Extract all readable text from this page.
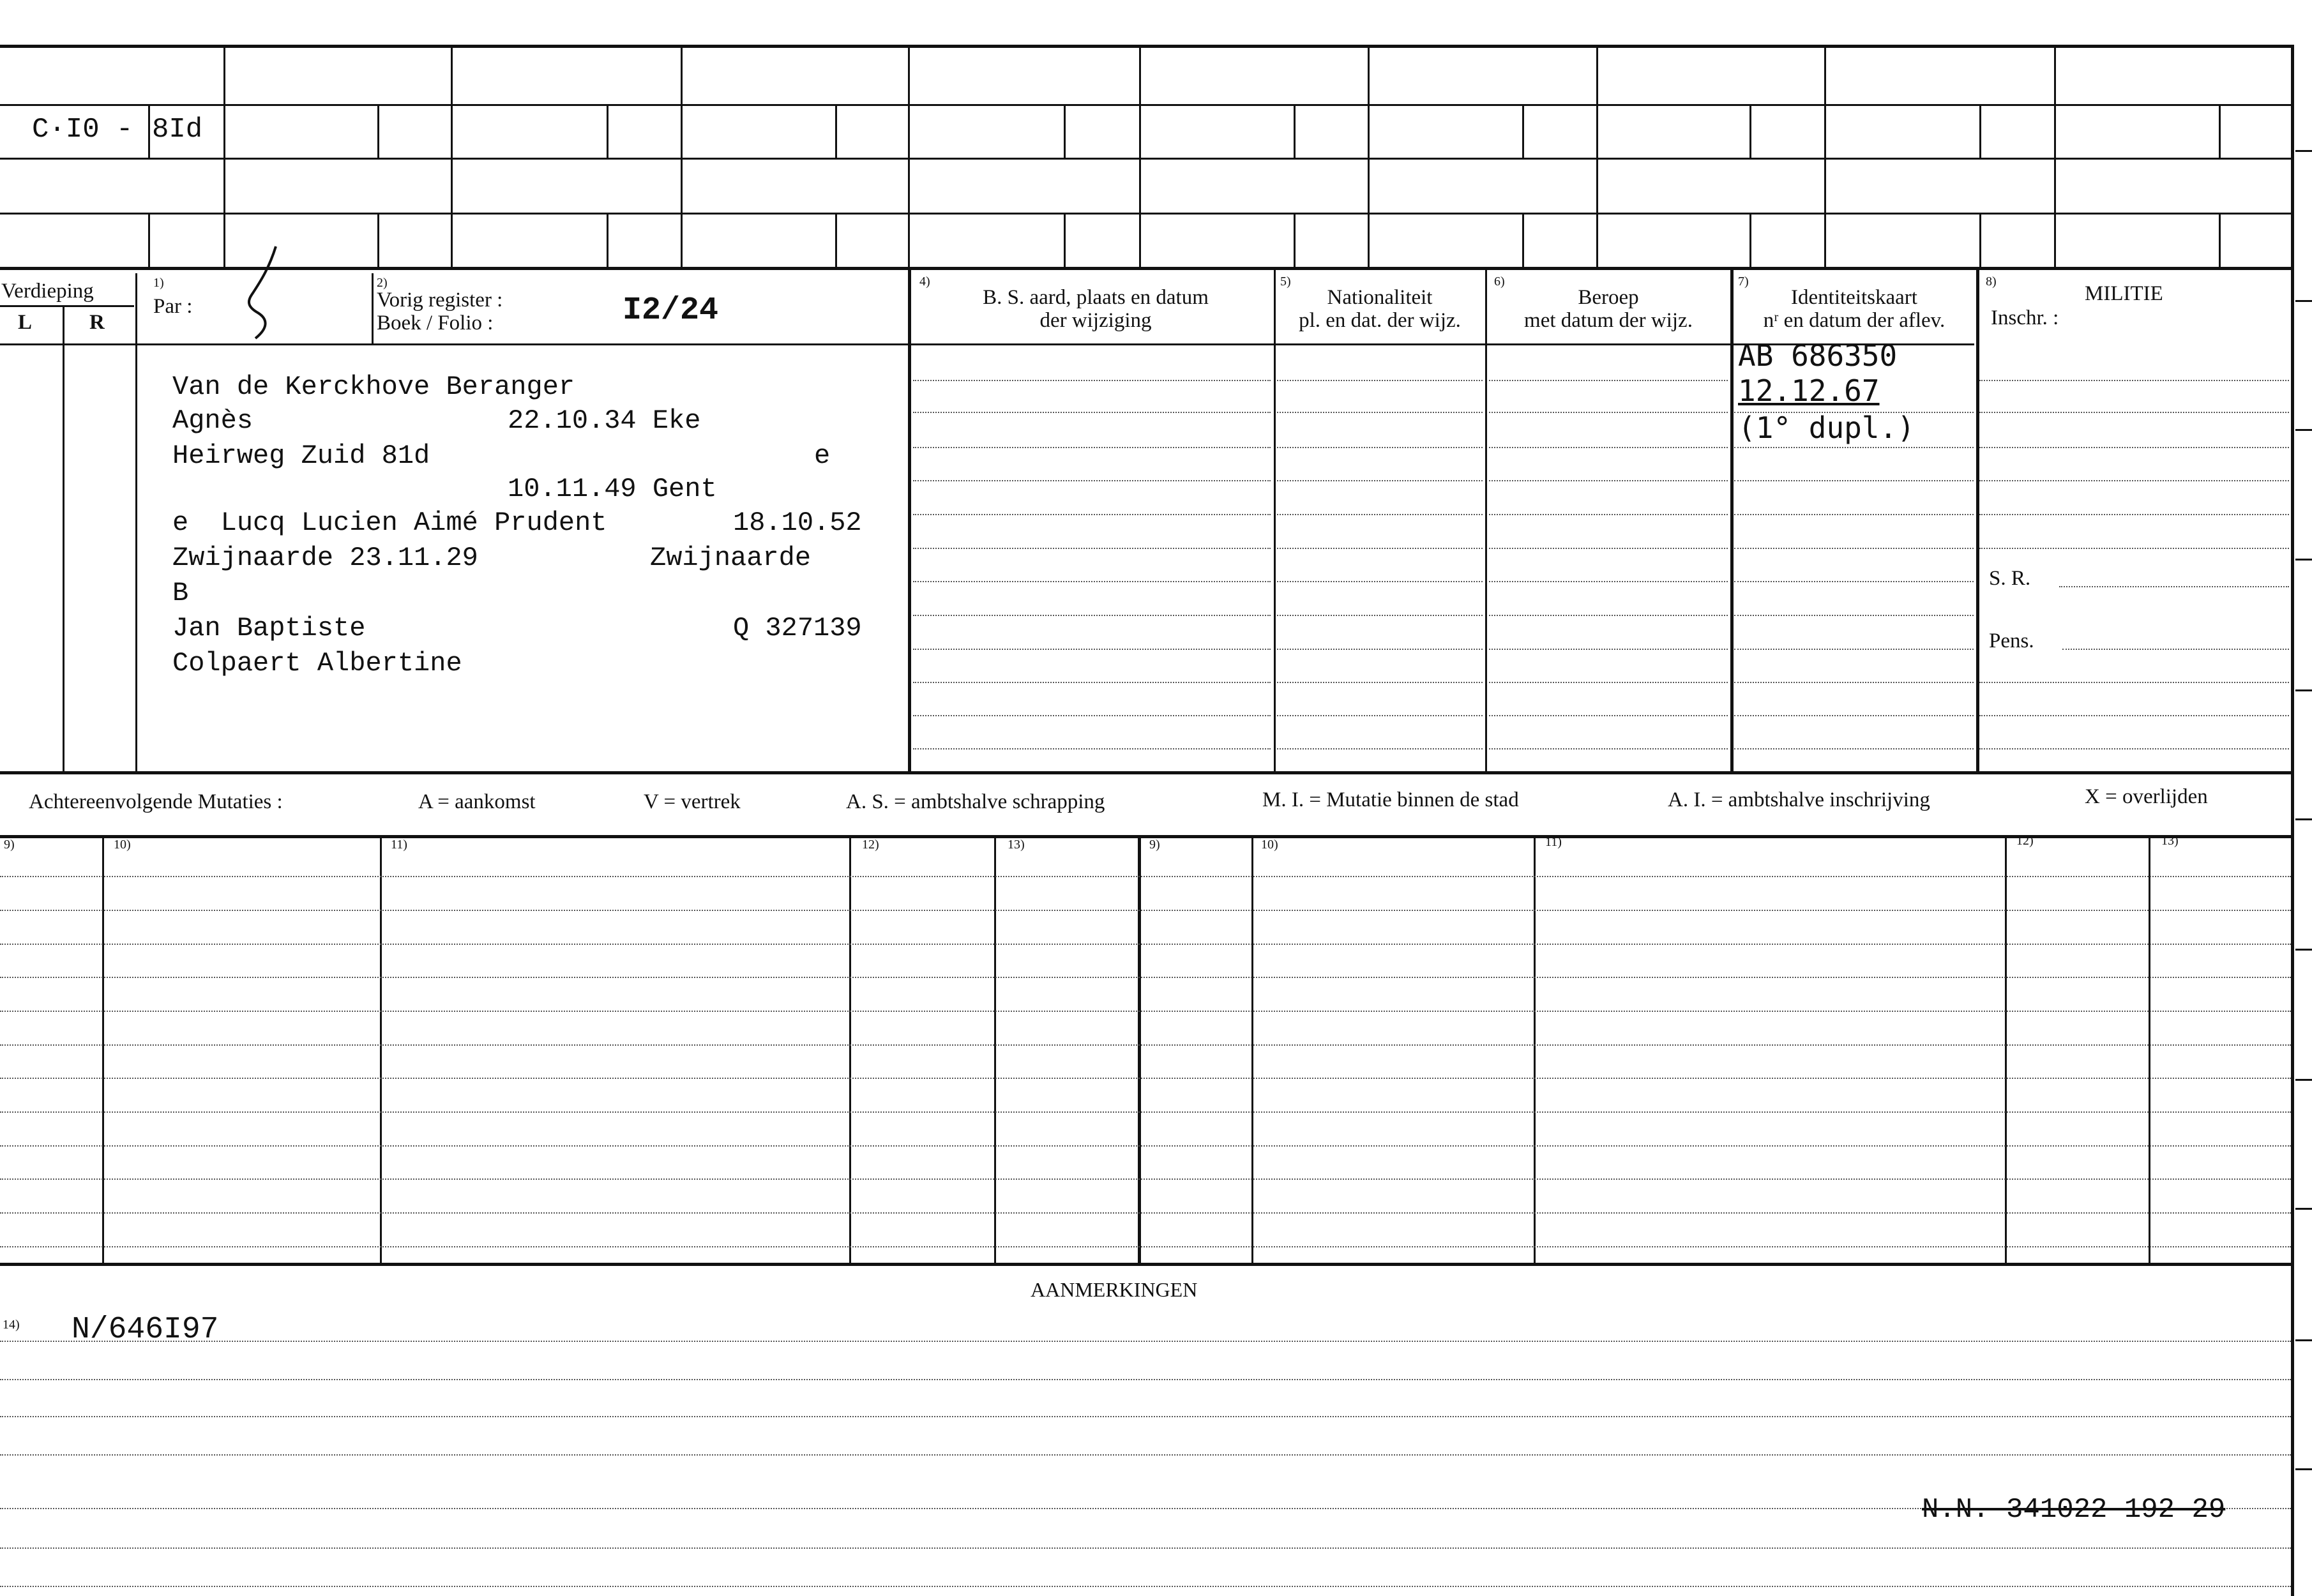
C·I0 - 8Id
Verdieping
L	R
1)
Par :
2)
Vorig register :
Boek / Folio :	I2/24
4)
B. S. aard, plaats en datum
der wijziging
5)
Nationaliteit
pl. en dat. der wijz.
6)
Beroep
met datum der wijz.
7)
Identiteitskaart
nʳ en datum der aflev.
8)
MILITIE
Inschr. :
S. R.
Pens.
Van de Kerckhove Beranger
Agnès	22.10.34 Eke
Heirweg Zuid 81d	e
10.11.49 Gent
e  Lucq Lucien Aimé Prudent	18.10.52
Zwijnaarde 23.11.29	Zwijnaarde
B
Jan Baptiste	Q 327139
Colpaert Albertine
AB 686350
12.12.67
(1° dupl.)
Achtereenvolgende Mutaties :	A = aankomst	V = vertrek	A. S. = ambtshalve schrapping	M. I. = Mutatie binnen de stad	A. I. = ambtshalve inschrijving	X = overlijden
9)	10)	11)	12)	13)	9)	10)	11)	12)	13)
AANMERKINGEN
14) N/646I97
N.N. 341022 192 29
